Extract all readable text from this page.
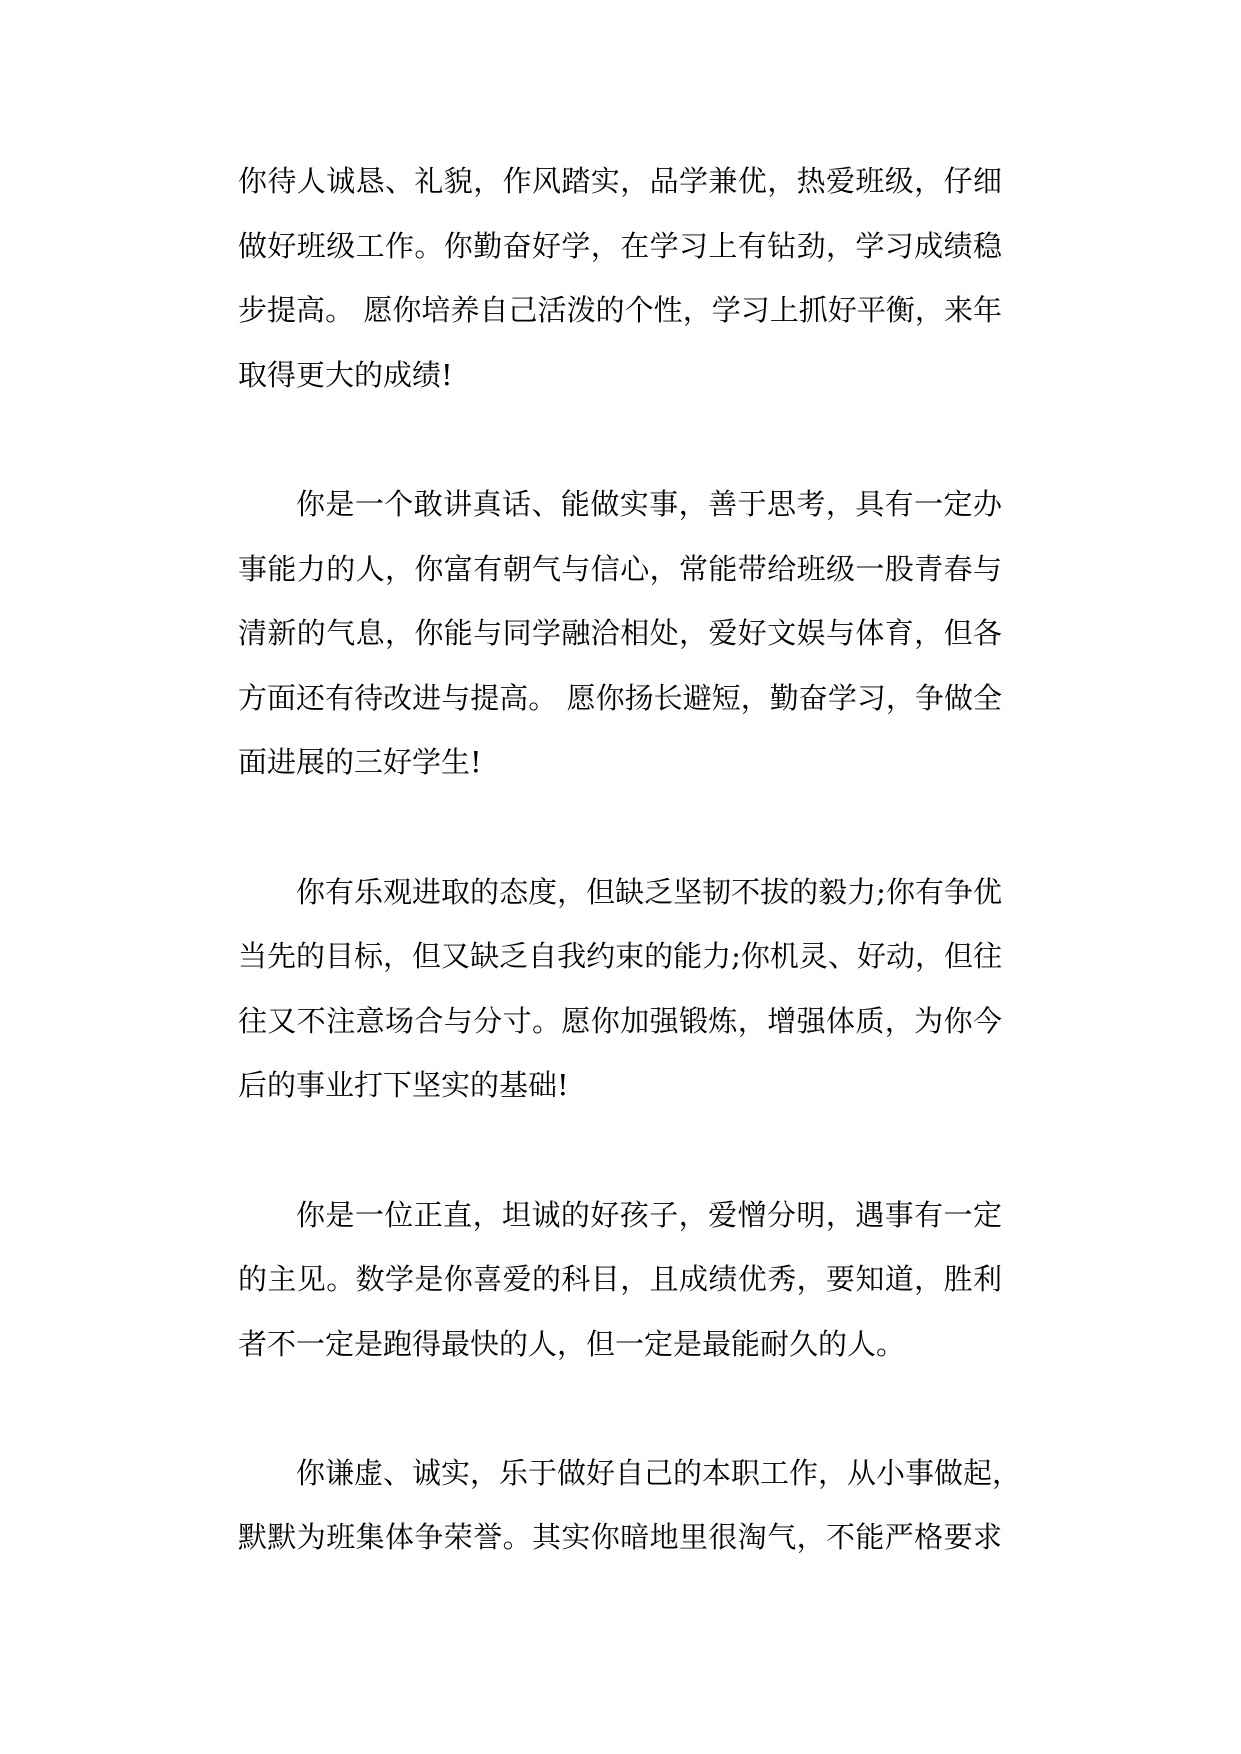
你待人诚恳、礼貌，作风踏实，品学兼优，热爱班级，仔细
做好班级工作。你勤奋好学，在学习上有钻劲，学习成绩稳
步提高。 愿你培养自己活泼的个性，学习上抓好平衡，来年
取得更大的成绩!
你是一个敢讲真话、能做实事，善于思考，具有一定办
事能力的人，你富有朝气与信心，常能带给班级一股青春与
清新的气息，你能与同学融洽相处，爱好文娱与体育，但各
方面还有待改进与提高。 愿你扬长避短，勤奋学习，争做全
面进展的三好学生!
你有乐观进取的态度，但缺乏坚韧不拔的毅力;你有争优
当先的目标，但又缺乏自我约束的能力;你机灵、好动，但往
往又不注意场合与分寸。愿你加强锻炼，增强体质，为你今
后的事业打下坚实的基础!
你是一位正直，坦诚的好孩子，爱憎分明，遇事有一定
的主见。数学是你喜爱的科目，且成绩优秀，要知道，胜利
者不一定是跑得最快的人，但一定是最能耐久的人。
你谦虚、诚实，乐于做好自己的本职工作，从小事做起，
默默为班集体争荣誉。其实你暗地里很淘气，不能严格要求
